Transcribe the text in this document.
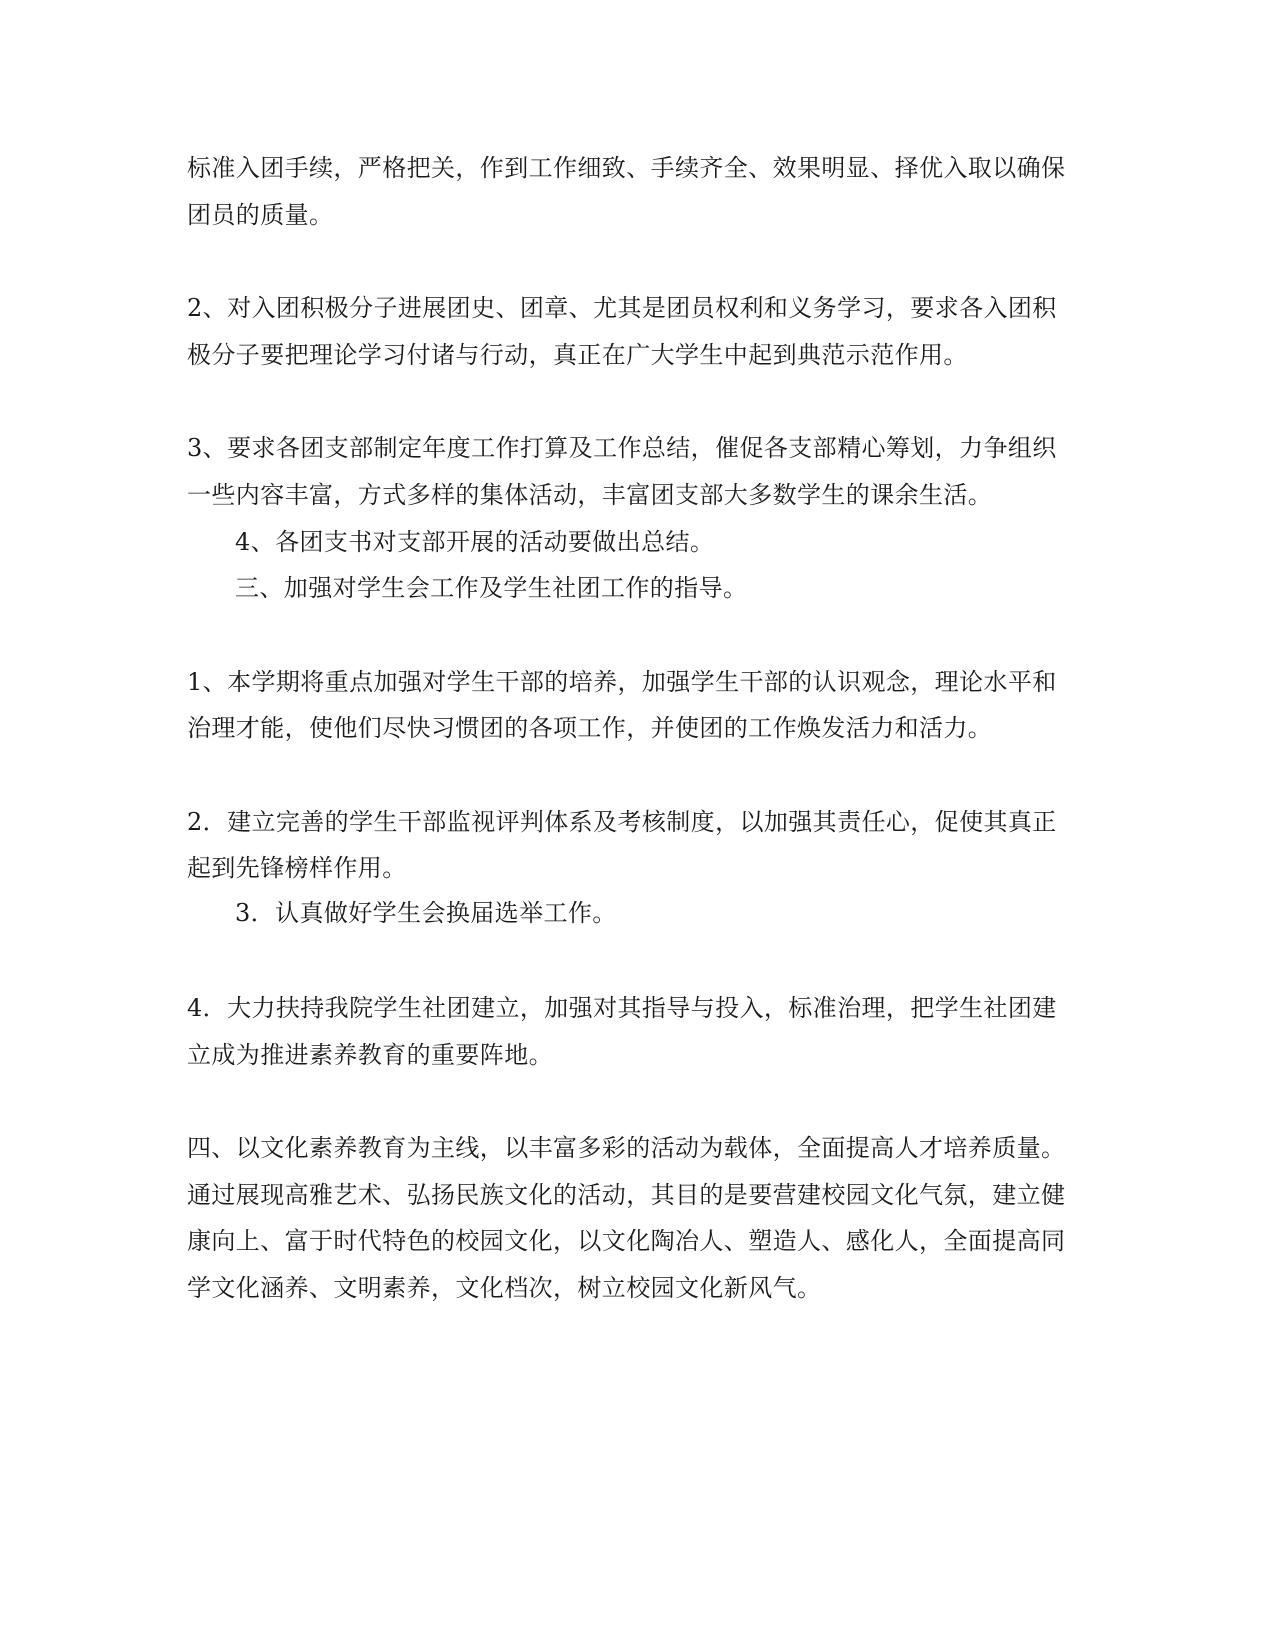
标准入团手续，严格把关，作到工作细致、手续齐全、效果明显、择优入取以确保
团员的质量。
2、对入团积极分子进展团史、团章、尤其是团员权利和义务学习，要求各入团积
极分子要把理论学习付诸与行动，真正在广大学生中起到典范示范作用。
3、要求各团支部制定年度工作打算及工作总结，催促各支部精心筹划，力争组织
一些内容丰富，方式多样的集体活动，丰富团支部大多数学生的课余生活。
4、各团支书对支部开展的活动要做出总结。
三、加强对学生会工作及学生社团工作的指导。
1、本学期将重点加强对学生干部的培养，加强学生干部的认识观念，理论水平和
治理才能，使他们尽快习惯团的各项工作，并使团的工作焕发活力和活力。
2．建立完善的学生干部监视评判体系及考核制度，以加强其责任心，促使其真正
起到先锋榜样作用。
3．认真做好学生会换届选举工作。
4．大力扶持我院学生社团建立，加强对其指导与投入，标准治理，把学生社团建
立成为推进素养教育的重要阵地。
四、以文化素养教育为主线，以丰富多彩的活动为载体，全面提高人才培养质量。
通过展现高雅艺术、弘扬民族文化的活动，其目的是要营建校园文化气氛，建立健
康向上、富于时代特色的校园文化，以文化陶冶人、塑造人、感化人，全面提高同
学文化涵养、文明素养，文化档次，树立校园文化新风气。
